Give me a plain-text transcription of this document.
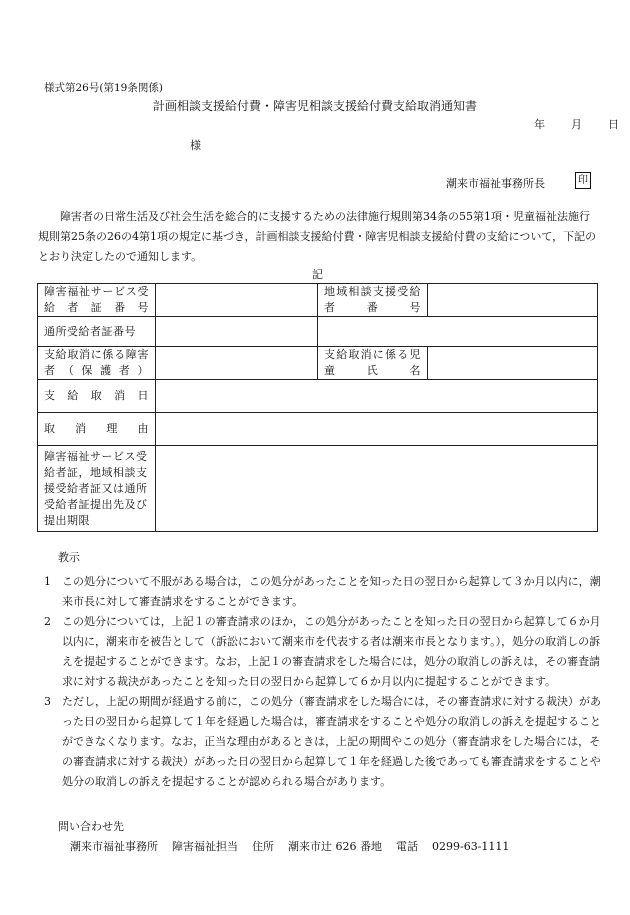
様式第26号(第19条関係)
計画相談支援給付費・障害児相談支援給付費支給取消通知書
年 月 日
様
潮来市福祉事務所長	印
障害者の日常生活及び社会生活を総合的に支援するための法律施行規則第34条の55第1項・児童福祉法施行規則第25条の26の4第1項の規定に基づき，計画相談支援給付費・障害児相談支援給付費の支給について，下記のとおり決定したので通知します。
記
障害福祉サービス受給者証番号		地域相談支援受給者番号	
通所受給者証番号			
支給取消に係る障害者（保護者）		支給取消に係る児童氏名	
支給取消日			
取消理由			
障害福祉サービス受給者証，地域相談支援受給者証又は通所受給者証提出先及び提出期限			
教示
1	この処分について不服がある場合は，この処分があったことを知った日の翌日から起算して３か月以内に，潮来市長に対して審査請求をすることができます。
2	この処分については，上記１の審査請求のほか，この処分があったことを知った日の翌日から起算して６か月以内に，潮来市を被告として（訴訟において潮来市を代表する者は潮来市長となります。），処分の取消しの訴えを提起することができます。なお，上記１の審査請求をした場合には，処分の取消しの訴えは，その審査請求に対する裁決があったことを知った日の翌日から起算して６か月以内に提起することができます。
3	ただし，上記の期間が経過する前に，この処分（審査請求をした場合には，その審査請求に対する裁決）があった日の翌日から起算して１年を経過した場合は，審査請求をすることや処分の取消しの訴えを提起することができなくなります。なお，正当な理由があるときは，上記の期間やこの処分（審査請求をした場合には，その審査請求に対する裁決）があった日の翌日から起算して１年を経過した後であっても審査請求をすることや処分の取消しの訴えを提起することが認められる場合があります。
問い合わせ先
潮来市福祉事務所 障害福祉担当 住所 潮来市辻 626 番地 電話 0299-63-1111
